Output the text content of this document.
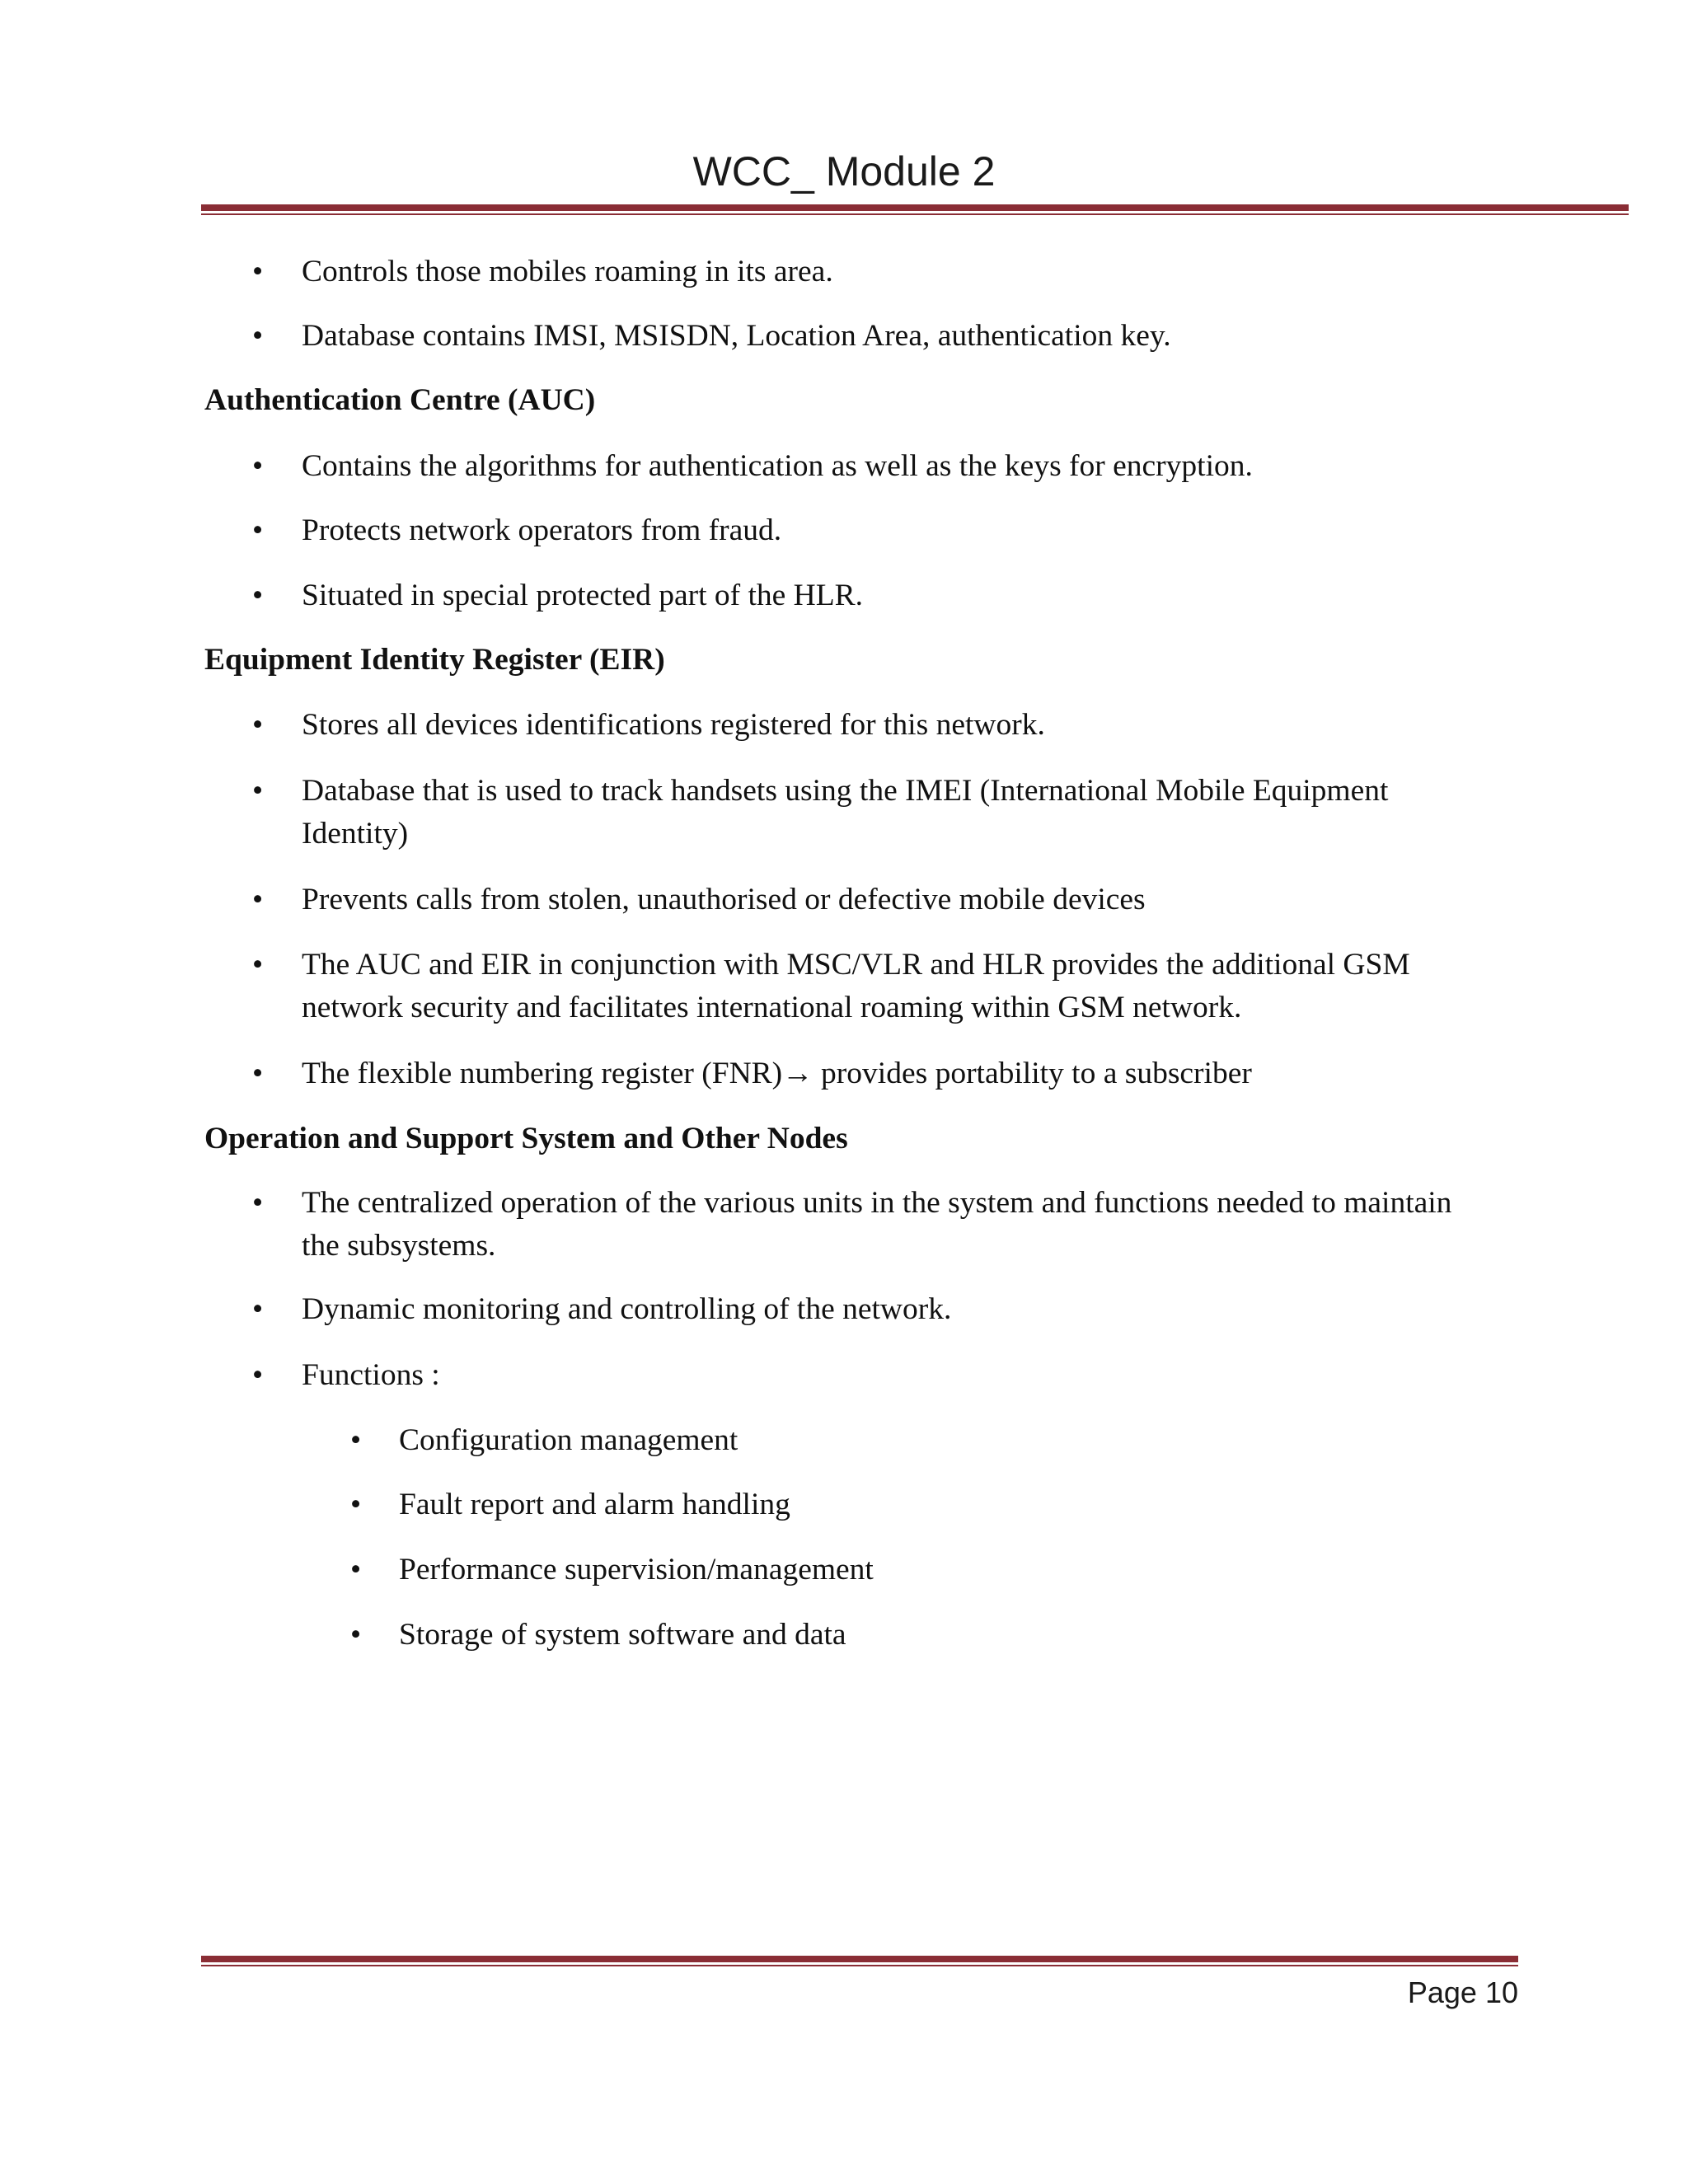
WCC_ Module 2
• Controls those mobiles roaming in its area.
• Database contains IMSI, MSISDN, Location Area, authentication key.
Authentication Centre (AUC)
• Contains the algorithms for authentication as well as the keys for encryption.
• Protects network operators from fraud.
• Situated in special protected part of the HLR.
Equipment Identity Register (EIR)
• Stores all devices identifications registered for this network.
• Database that is used to track handsets using the IMEI (International Mobile Equipment Identity)
• Prevents calls from stolen, unauthorised or defective mobile devices
• The AUC and EIR in conjunction with MSC/VLR and HLR provides the additional GSM network security and facilitates international roaming within GSM network.
• The flexible numbering register (FNR)→ provides portability to a subscriber
Operation and Support System and Other Nodes
• The centralized operation of the various units in the system and functions needed to maintain the subsystems.
• Dynamic monitoring and controlling of the network.
• Functions :
• Configuration management
• Fault report and alarm handling
• Performance supervision/management
• Storage of system software and data
Page 10
